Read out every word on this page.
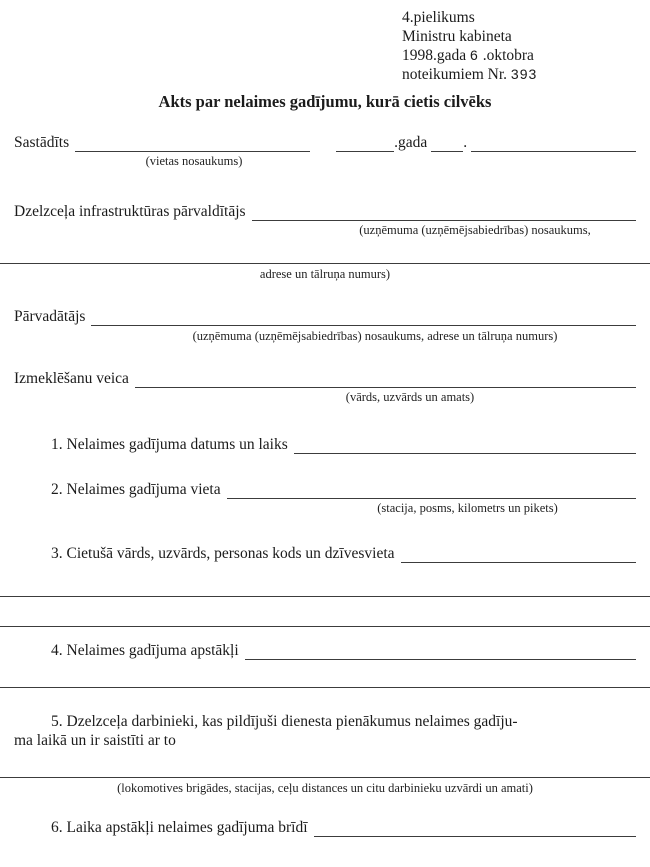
4.pielikums
Ministru kabineta
1998.gada 6 .oktobra
noteikumiem Nr. 393
Akts par nelaimes gadījumu, kurā cietis cilvēks
Sastādīts	.gada .
(vietas nosaukums)
Dzelzceļa infrastruktūras pārvaldītājs
(uzņēmuma (uzņēmējsabiedrības) nosaukums,
adrese un tālruņa numurs)
Pārvadātājs
(uzņēmuma (uzņēmējsabiedrības) nosaukums, adrese un tālruņa numurs)
Izmeklēšanu veica
(vārds, uzvārds un amats)
1. Nelaimes gadījuma datums un laiks
2. Nelaimes gadījuma vieta
(stacija, posms, kilometrs un pikets)
3. Cietušā vārds, uzvārds, personas kods un dzīvesvieta
4. Nelaimes gadījuma apstākļi
5. Dzelzceļa darbinieki, kas pildījuši dienesta pienākumus nelaimes gadīju-
ma laikā un ir saistīti ar to
(lokomotives brigādes, stacijas, ceļu distances un citu darbinieku uzvārdi un amati)
6. Laika apstākļi nelaimes gadījuma brīdī
